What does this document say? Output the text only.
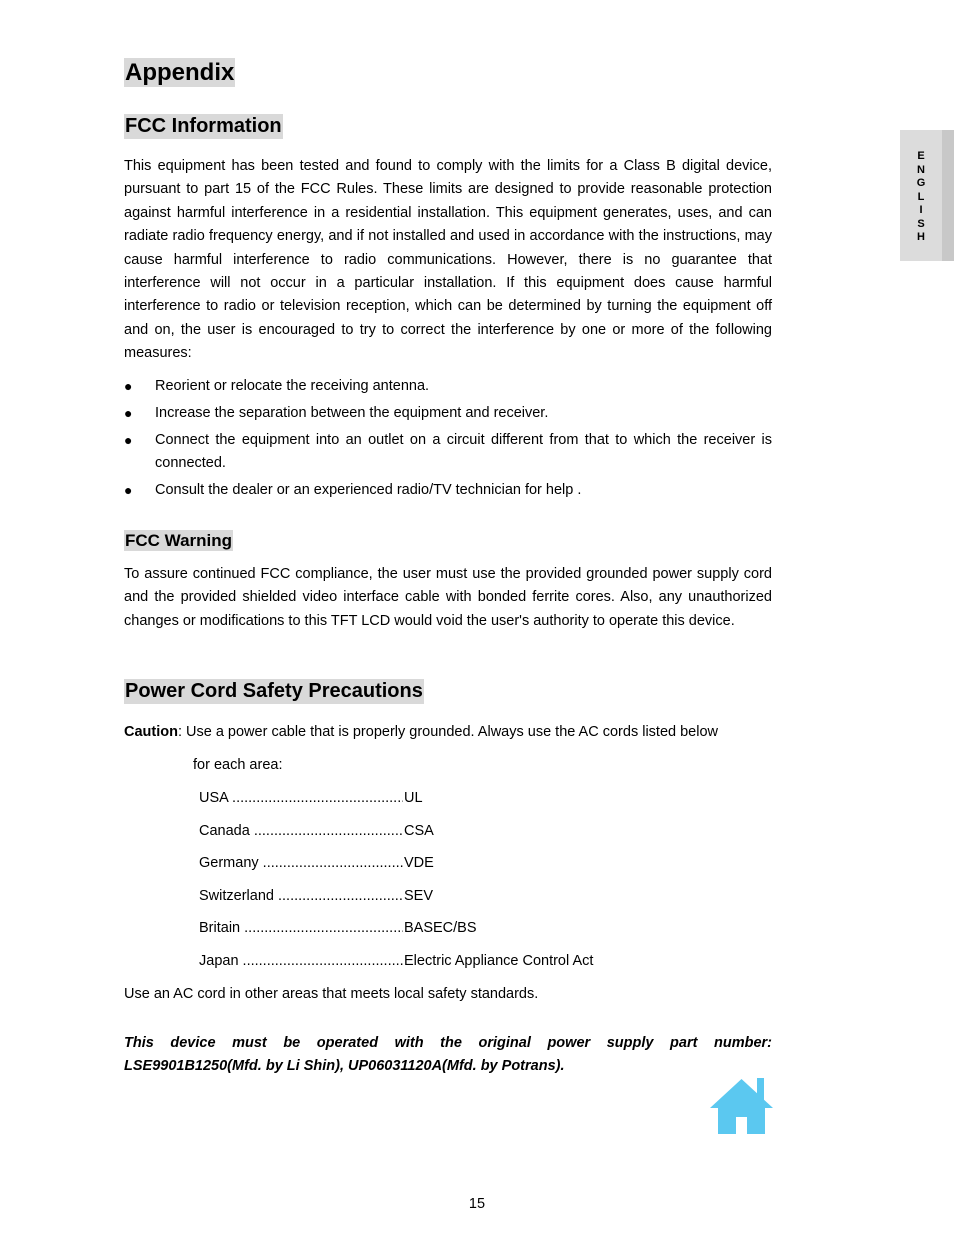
E
N
G
L
I
S
H
Appendix
FCC Information

This equipment has been tested and found to comply with the limits for a Class B digital device, pursuant to part 15 of the FCC Rules. These limits are designed to provide reasonable protection against harmful interference in a residential installation. This equipment generates, uses, and can radiate radio frequency energy, and if not installed and used in accordance with the instructions, may cause harmful interference to radio communications. However, there is no guarantee that interference will not occur in a particular installation. If this equipment does cause harmful interference to radio or television reception, which can be determined by turning the equipment off and on, the user is encouraged to try to correct the interference by one or more of the following measures:

● Reorient or relocate the receiving antenna.
● Increase the separation between the equipment and receiver.
● Connect the equipment into an outlet on a circuit different from that to which the receiver is connected.
● Consult the dealer or an experienced radio/TV technician for help .
FCC Warning

To assure continued FCC compliance, the user must use the provided grounded power supply cord and the provided shielded video interface cable with bonded ferrite cores. Also, any unauthorized changes or modifications to this TFT LCD would void the user's authority to operate this device.

Power Cord Safety Precautions
Caution: Use a power cable that is properly grounded. Always use the AC cords listed below
for each area:
USA .....	UL
Canada .....	CSA
Germany .....	VDE
Switzerland .....	SEV
Britain .....	BASEC/BS
Japan .....	Electric Appliance Control Act
Use an AC cord in other areas that meets local safety standards.

This device must be operated with the original power supply part number: LSE9901B1250(Mfd. by Li Shin), UP06031120A(Mfd. by Potrans).

15
